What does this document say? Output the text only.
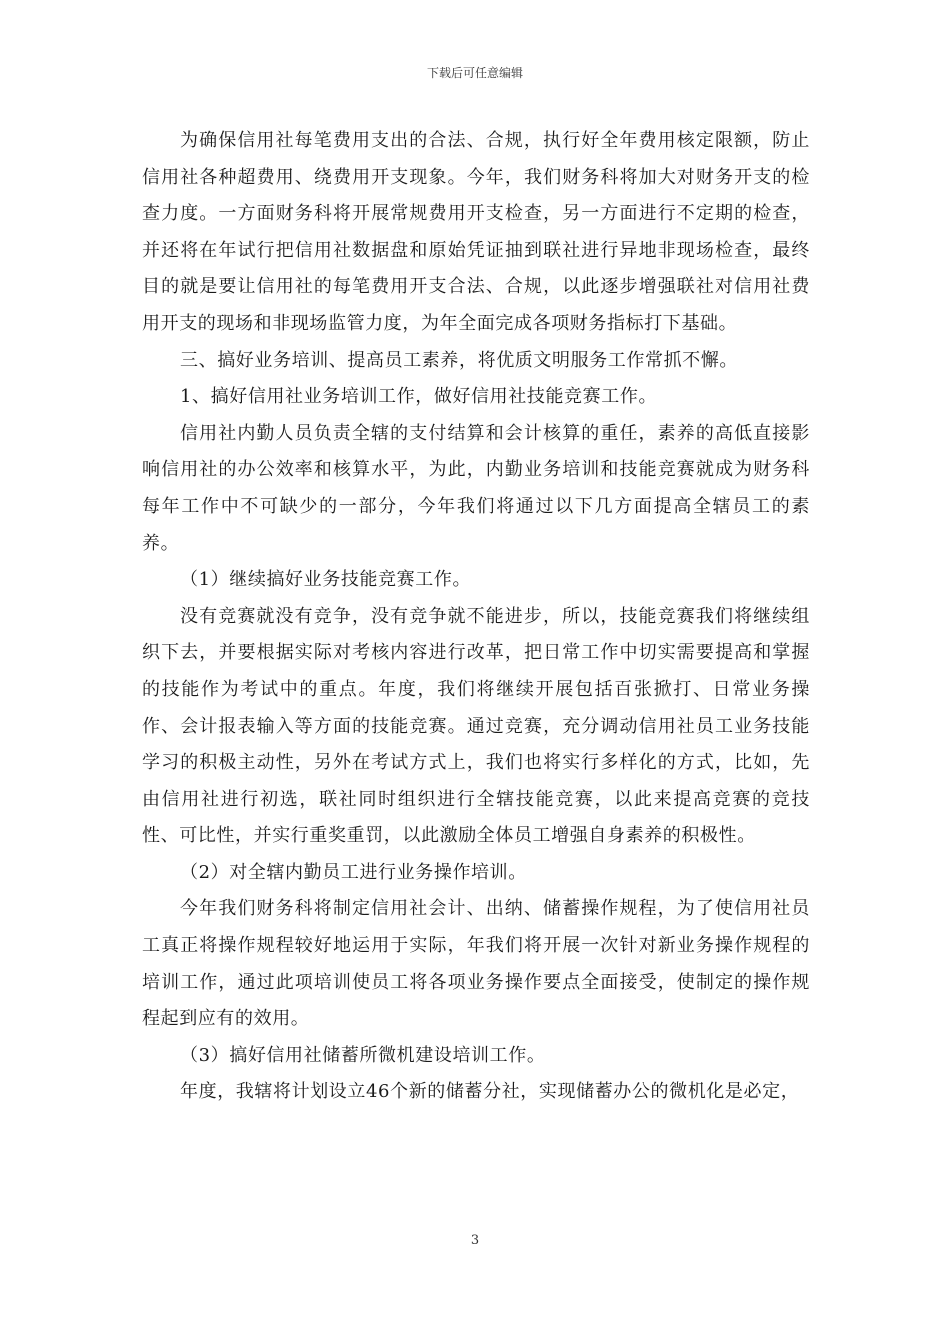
下载后可任意编辑

为确保信用社每笔费用支出的合法、合规，执行好全年费用核定限额，防止信用社各种超费用、绕费用开支现象。今年，我们财务科将加大对财务开支的检查力度。一方面财务科将开展常规费用开支检查，另一方面进行不定期的检查，并还将在年试行把信用社数据盘和原始凭证抽到联社进行异地非现场检查，最终目的就是要让信用社的每笔费用开支合法、合规，以此逐步增强联社对信用社费用开支的现场和非现场监管力度，为年全面完成各项财务指标打下基础。

三、搞好业务培训、提高员工素养，将优质文明服务工作常抓不懈。

1、搞好信用社业务培训工作，做好信用社技能竞赛工作。

信用社内勤人员负责全辖的支付结算和会计核算的重任，素养的高低直接影响信用社的办公效率和核算水平，为此，内勤业务培训和技能竞赛就成为财务科每年工作中不可缺少的一部分，今年我们将通过以下几方面提高全辖员工的素养。

（1）继续搞好业务技能竞赛工作。

没有竞赛就没有竞争，没有竞争就不能进步，所以，技能竞赛我们将继续组织下去，并要根据实际对考核内容进行改革，把日常工作中切实需要提高和掌握的技能作为考试中的重点。年度，我们将继续开展包括百张掀打、日常业务操作、会计报表输入等方面的技能竞赛。通过竞赛，充分调动信用社员工业务技能学习的积极主动性，另外在考试方式上，我们也将实行多样化的方式，比如，先由信用社进行初选，联社同时组织进行全辖技能竞赛，以此来提高竞赛的竞技性、可比性，并实行重奖重罚，以此激励全体员工增强自身素养的积极性。

（2）对全辖内勤员工进行业务操作培训。

今年我们财务科将制定信用社会计、出纳、储蓄操作规程，为了使信用社员工真正将操作规程较好地运用于实际，年我们将开展一次针对新业务操作规程的培训工作，通过此项培训使员工将各项业务操作要点全面接受，使制定的操作规程起到应有的效用。

（3）搞好信用社储蓄所微机建设培训工作。

年度，我辖将计划设立46个新的储蓄分社，实现储蓄办公的微机化是必定，

3
